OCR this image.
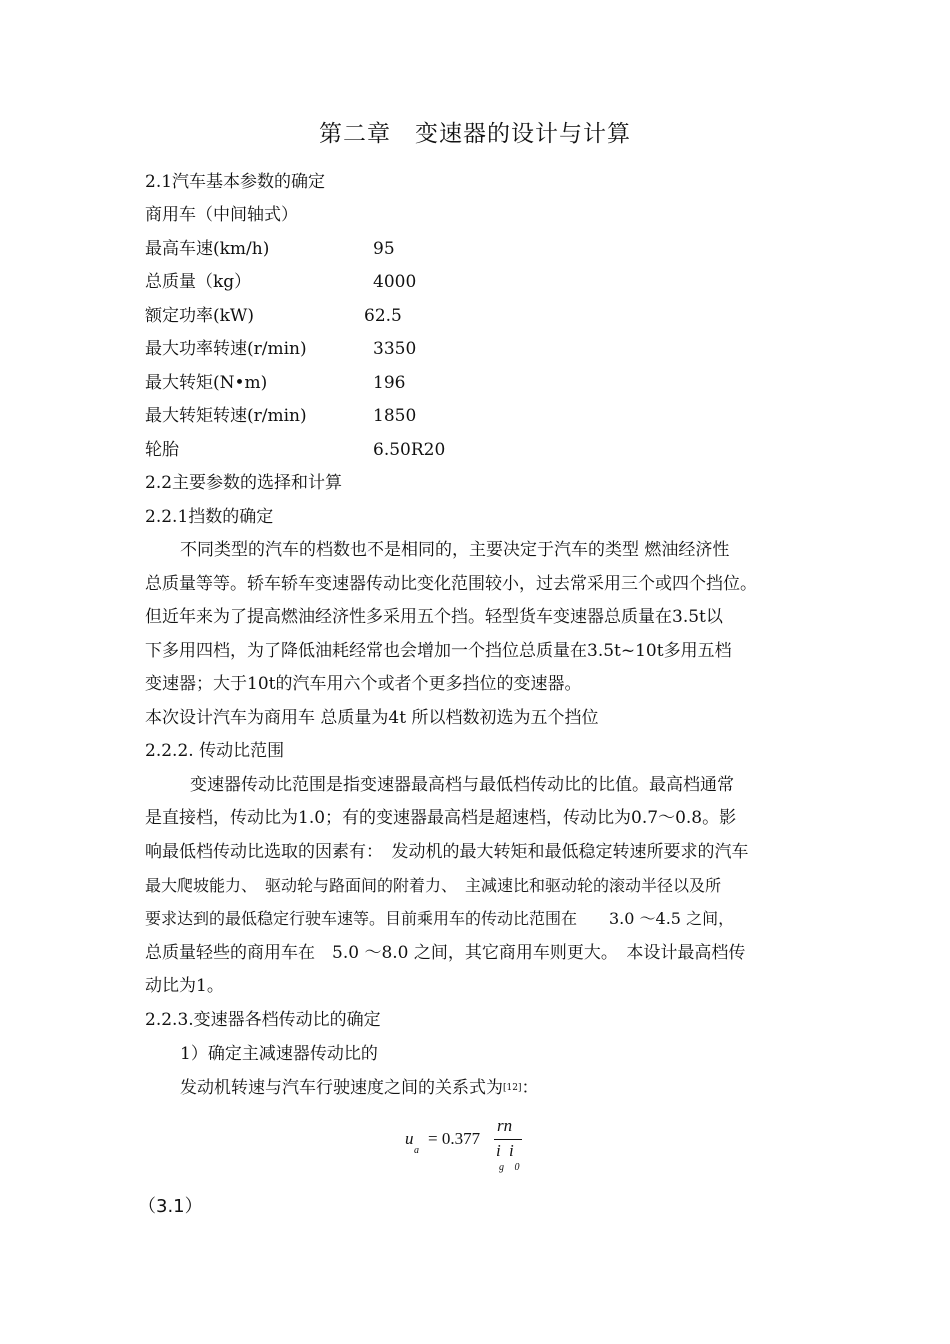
第二章　变速器的设计与计算
2.1汽车基本参数的确定
商用车（中间轴式）
最高车速(km/h)	95
总质量（kg）	4000
额定功率(kW)	62.5
最大功率转速(r/min)	3350
最大转矩(N•m)	196
最大转矩转速(r/min)	1850
轮胎	6.50R20
2.2主要参数的选择和计算
2.2.1挡数的确定
不同类型的汽车的档数也不是相同的，主要决定于汽车的类型 燃油经济性
总质量等等。轿车轿车变速器传动比变化范围较小，过去常采用三个或四个挡位。
但近年来为了提高燃油经济性多采用五个挡。轻型货车变速器总质量在3.5t以
下多用四档，为了降低油耗经常也会增加一个挡位总质量在3.5t~10t多用五档
变速器；大于10t的汽车用六个或者个更多挡位的变速器。
本次设计汽车为商用车 总质量为4t 所以档数初选为五个挡位
2.2.2. 传动比范围
变速器传动比范围是指变速器最高档与最低档传动比的比值。最高档通常
是直接档，传动比为1.0；有的变速器最高档是超速档，传动比为0.7～0.8。影
响最低档传动比选取的因素有：　发动机的最大转矩和最低稳定转速所要求的汽车
最大爬坡能力、　驱动轮与路面间的附着力、　主减速比和驱动轮的滚动半径以及所
要求达到的最低稳定行驶车速等。目前乘用车的传动比范围在　　3.0 ～4.5 之间，
总质量轻些的商用车在　5.0 ～8.0 之间，其它商用车则更大。　本设计最高档传
动比为1。
2.2.3.变速器各档传动比的确定
1）确定主减速器传动比的
发动机转速与汽车行驶速度之间的关系式为[12]：
u
a
= 0.377
rn
i i
g 0
（3.1）
